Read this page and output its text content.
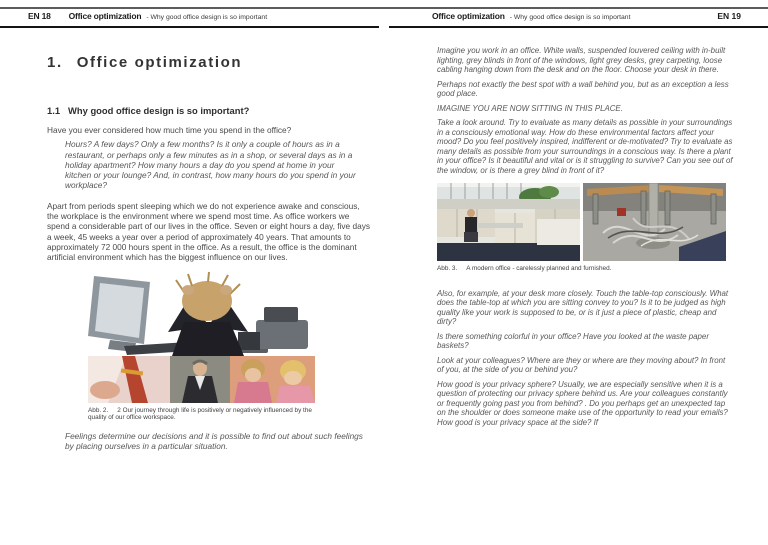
EN 18 Office optimization - Why good office design is so important	Office optimization - Why good office design is so important	EN 19
1. Office optimization
1.1 Why good office design is so important?

Have you ever considered how much time you spend in the office?

Hours? A few days? Only a few months? Is it only a couple of hours as in a restaurant, or perhaps only a few minutes as in a shop, or several days as in a holiday apartment? How many hours a day do you spend at home in your kitchen or your lounge? And, in contrast, how many hours do you spend in your workplace?

Apart from periods spent sleeping which we do not experience awake and conscious, the workplace is the environment where we spend most time. As office workers we spend a considerable part of our lives in the office. Seven or eight hours a day, five days a week, 45 weeks a year over a period of approximately 40 years. That amounts to approximately 72 000 hours spent in the office. As a result, the office is the dominant artificial environment which has the biggest influence on our lives.

Abb. 2. 2 Our journey through life is positively or negatively influenced by the quality of our office workspace.

Feelings determine our decisions and it is possible to find out about such feelings by placing ourselves in a particular situation.

Imagine you work in an office. White walls, suspended louvered ceiling with in-built lighting, grey blinds in front of the windows, light grey desks, grey carpeting, loose cabling hanging down from the desk and on the floor. Choose your desk in there.

Perhaps not exactly the best spot with a wall behind you, but as an exception a less good place.

IMAGINE YOU ARE NOW SITTING IN THIS PLACE.

Take a look around. Try to evaluate as many details as possible in your surroundings in a consciously emotional way. How do these environmental factors affect your mood? Do you feel positively inspired, indifferent or de-motivated? Try to evaluate as many details as possible from your surroundings in a conscious way. Is there a plant in your office? Is it beautiful and vital or is it struggling to survive? Can you see out of the window, or is there a grey blind in front of it?

Abb. 3. A modern office - carelessly planned and furnished.

Also, for example, at your desk more closely. Touch the table-top consciously. What does the table-top at which you are sitting convey to you? Is it to be judged as high quality like your work is supposed to be, or is it just a piece of plastic, cheap and dirty?

Is there something colorful in your office? Have you looked at the waste paper baskets?

Look at your colleagues? Where are they or where are they moving about? In front of you, at the side of you or behind you?

How good is your privacy sphere? Usually, we are especially sensitive when it is a question of protecting our privacy sphere behind us. Are your colleagues constantly or frequently going past you from behind? . Do you perhaps get an unexpected tap on the shoulder or does someone make use of the opportunity to read your emails? How good is your privacy space at the side? If
